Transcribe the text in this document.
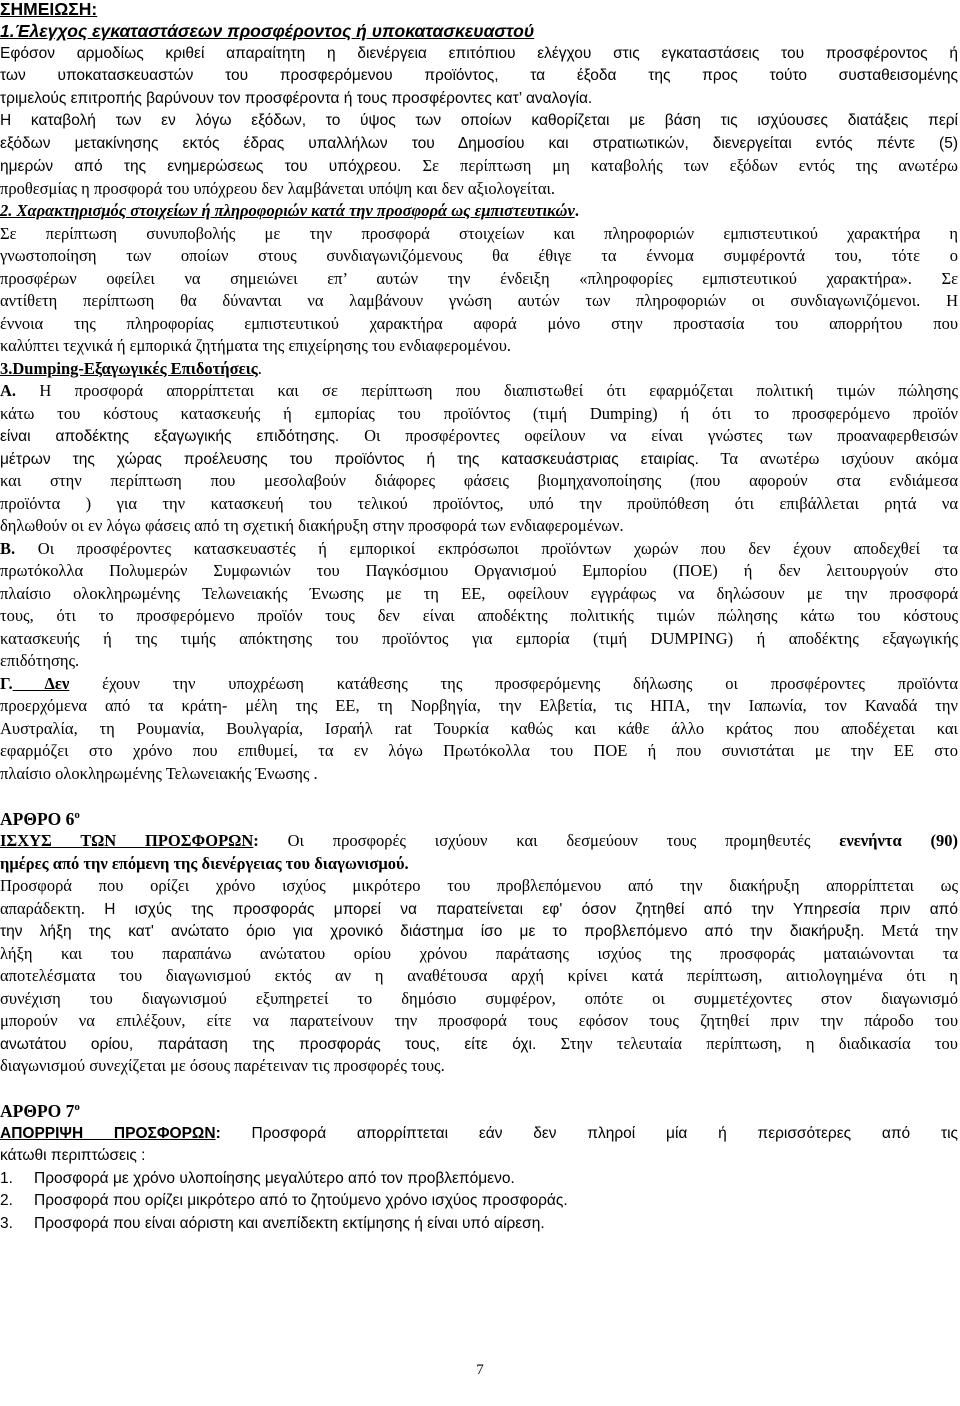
ΣΗΜΕΙΩΣΗ:
1.Έλεγχος εγκαταστάσεων προσφέροντος ή υποκατασκευαστού
Εφόσον αρμοδίως κριθεί απαραίτητη η διενέργεια επιτόπιου ελέγχου στις εγκαταστάσεις του προσφέροντος ή
των υποκατασκευαστών του προσφερόμενου προϊόντος, τα έξοδα της προς τούτο συσταθεισομένης
τριμελούς επιτροπής βαρύνουν τον προσφέροντα ή τους προσφέροντες κατ’ αναλογία.
Η καταβολή των εν λόγω εξόδων, το ύψος των οποίων καθορίζεται με βάση τις ισχύουσες διατάξεις περί
εξόδων μετακίνησης εκτός έδρας υπαλλήλων του Δημοσίου και στρατιωτικών, διενεργείται εντός πέντε (5)
ημερών από της ενημερώσεως του υπόχρεου. Σε περίπτωση μη καταβολής των εξόδων εντός της ανωτέρω
προθεσμίας η προσφορά του υπόχρεου δεν λαμβάνεται υπόψη και δεν αξιολογείται.
2. Χαρακτηρισμός στοιχείων ή πληροφοριών κατά την προσφορά ως εμπιστευτικών.
Σε περίπτωση συνυποβολής με την προσφορά στοιχείων και πληροφοριών εμπιστευτικού χαρακτήρα η
γνωστοποίηση των οποίων στους συνδιαγωνιζόμενους θα έθιγε τα έννομα συμφέροντά του, τότε ο
προσφέρων οφείλει να σημειώνει επ’ αυτών την ένδειξη «πληροφορίες εμπιστευτικού χαρακτήρα». Σε
αντίθετη περίπτωση θα δύνανται να λαμβάνουν γνώση αυτών των πληροφοριών οι συνδιαγωνιζόμενοι. Η
έννοια της πληροφορίας εμπιστευτικού χαρακτήρα αφορά μόνο στην προστασία του απορρήτου που
καλύπτει τεχνικά ή εμπορικά ζητήματα της επιχείρησης του ενδιαφερομένου.
3.Dumping-Εξαγωγικές Επιδοτήσεις.
Α. Η προσφορά απορρίπτεται και σε περίπτωση που διαπιστωθεί ότι εφαρμόζεται πολιτική τιμών πώλησης
κάτω του κόστους κατασκευής ή εμπορίας του προϊόντος (τιμή Dumping) ή ότι το προσφερόμενο προϊόν
είναι αποδέκτης εξαγωγικής επιδότησης. Οι προσφέροντες οφείλουν να είναι γνώστες των προαναφερθεισών
μέτρων της χώρας προέλευσης του προϊόντος ή της κατασκευάστριας εταιρίας. Τα ανωτέρω ισχύουν ακόμα
και στην περίπτωση που μεσολαβούν διάφορες φάσεις βιομηχανοποίησης (που αφορούν στα ενδιάμεσα
προϊόντα ) για την κατασκευή του τελικού προϊόντος, υπό την προϋπόθεση ότι επιβάλλεται ρητά να
δηλωθούν οι εν λόγω φάσεις από τη σχετική διακήρυξη στην προσφορά των ενδιαφερομένων.
Β. Οι προσφέροντες κατασκευαστές ή εμπορικοί εκπρόσωποι προϊόντων χωρών που δεν έχουν αποδεχθεί τα
πρωτόκολλα Πολυμερών Συμφωνιών του Παγκόσμιου Οργανισμού Εμπορίου (ΠΟΕ) ή δεν λειτουργούν στο
πλαίσιο ολοκληρωμένης Τελωνειακής Ένωσης με τη ΕΕ, οφείλουν εγγράφως να δηλώσουν με την προσφορά
τους, ότι το προσφερόμενο προϊόν τους δεν είναι αποδέκτης πολιτικής τιμών πώλησης κάτω του κόστους
κατασκευής ή της τιμής απόκτησης του προϊόντος για εμπορία (τιμή DUMPING) ή αποδέκτης εξαγωγικής
επιδότησης.
Γ. Δεν έχουν την υποχρέωση κατάθεσης της προσφερόμενης δήλωσης οι προσφέροντες προϊόντα
προερχόμενα από τα κράτη- μέλη της ΕΕ, τη Νορβηγία, την Ελβετία, τις ΗΠΑ, την Ιαπωνία, τον Καναδά την
Αυστραλία, τη Ρουμανία, Βουλγαρία, Ισραήλ rat Τουρκία καθώς και κάθε άλλο κράτος που αποδέχεται και
εφαρμόζει στο χρόνο που επιθυμεί, τα εν λόγω Πρωτόκολλα του ΠΟΕ ή που συνιστάται με την ΕΕ στο
πλαίσιο ολοκληρωμένης Τελωνειακής Ένωσης .
ΑΡΘΡΟ $6^o$
ΙΣΧΥΣ ΤΩΝ ΠΡΟΣΦΟΡΩΝ: Οι προσφορές ισχύουν και δεσμεύουν τους προμηθευτές ενενήντα (90)
ημέρες από την επόμενη της διενέργειας του διαγωνισμού.
Προσφορά που ορίζει χρόνο ισχύος μικρότερο του προβλεπόμενου από την διακήρυξη απορρίπτεται ως
απαράδεκτη. Η ισχύς της προσφοράς μπορεί να παρατείνεται εφ' όσον ζητηθεί από την Υπηρεσία πριν από
την λήξη της κατ' ανώτατο όριο για χρονικό διάστημα ίσο με το προβλεπόμενο από την διακήρυξη. Μετά την
λήξη και του παραπάνω ανώτατου ορίου χρόνου παράτασης ισχύος της προσφοράς ματαιώνονται τα
αποτελέσματα του διαγωνισμού εκτός αν η αναθέτουσα αρχή κρίνει κατά περίπτωση, αιτιολογημένα ότι η
συνέχιση του διαγωνισμού εξυπηρετεί το δημόσιο συμφέρον, οπότε οι συμμετέχοντες στον διαγωνισμό
μπορούν να επιλέξουν, είτε να παρατείνουν την προσφορά τους εφόσον τους ζητηθεί πριν την πάροδο του
ανωτάτου ορίου, παράταση της προσφοράς τους, είτε όχι. Στην τελευταία περίπτωση, η διαδικασία του
διαγωνισμού συνεχίζεται με όσους παρέτειναν τις προσφορές τους.
ΑΡΘΡΟ $7^o$
ΑΠΟΡΡΙΨΗ ΠΡΟΣΦΟΡΩΝ: Προσφορά απορρίπτεται εάν δεν πληροί μία ή περισσότερες από τις
κάτωθι περιπτώσεις :
1. Προσφορά με χρόνο υλοποίησης μεγαλύτερο από τον προβλεπόμενο.
2. Προσφορά που ορίζει μικρότερο από το ζητούμενο χρόνο ισχύος προσφοράς.
3. Προσφορά που είναι αόριστη και ανεπίδεκτη εκτίμησης ή είναι υπό αίρεση.
7
